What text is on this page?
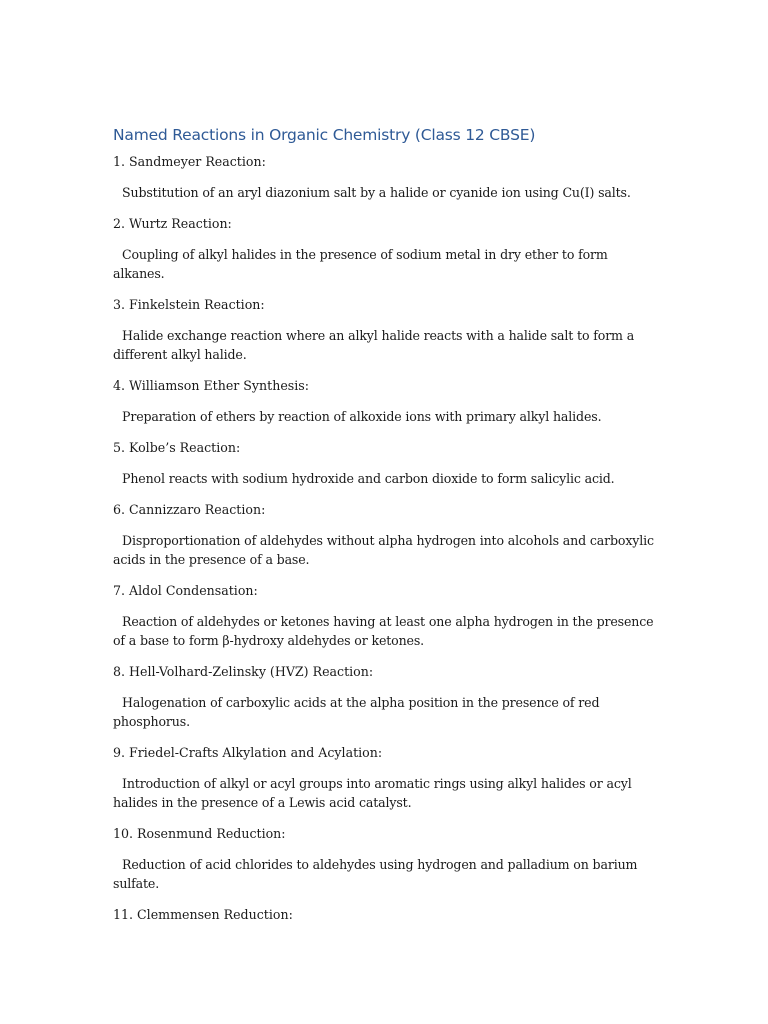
Named Reactions in Organic Chemistry (Class 12 CBSE)

1. Sandmeyer Reaction:

Substitution of an aryl diazonium salt by a halide or cyanide ion using Cu(I) salts.

2. Wurtz Reaction:

Coupling of alkyl halides in the presence of sodium metal in dry ether to form alkanes.

3. Finkelstein Reaction:

Halide exchange reaction where an alkyl halide reacts with a halide salt to form a different alkyl halide.

4. Williamson Ether Synthesis:

Preparation of ethers by reaction of alkoxide ions with primary alkyl halides.

5. Kolbe’s Reaction:

Phenol reacts with sodium hydroxide and carbon dioxide to form salicylic acid.

6. Cannizzaro Reaction:

Disproportionation of aldehydes without alpha hydrogen into alcohols and carboxylic acids in the presence of a base.

7. Aldol Condensation:

Reaction of aldehydes or ketones having at least one alpha hydrogen in the presence of a base to form β-hydroxy aldehydes or ketones.

8. Hell-Volhard-Zelinsky (HVZ) Reaction:

Halogenation of carboxylic acids at the alpha position in the presence of red phosphorus.

9. Friedel-Crafts Alkylation and Acylation:

Introduction of alkyl or acyl groups into aromatic rings using alkyl halides or acyl halides in the presence of a Lewis acid catalyst.

10. Rosenmund Reduction:

Reduction of acid chlorides to aldehydes using hydrogen and palladium on barium sulfate.

11. Clemmensen Reduction:
